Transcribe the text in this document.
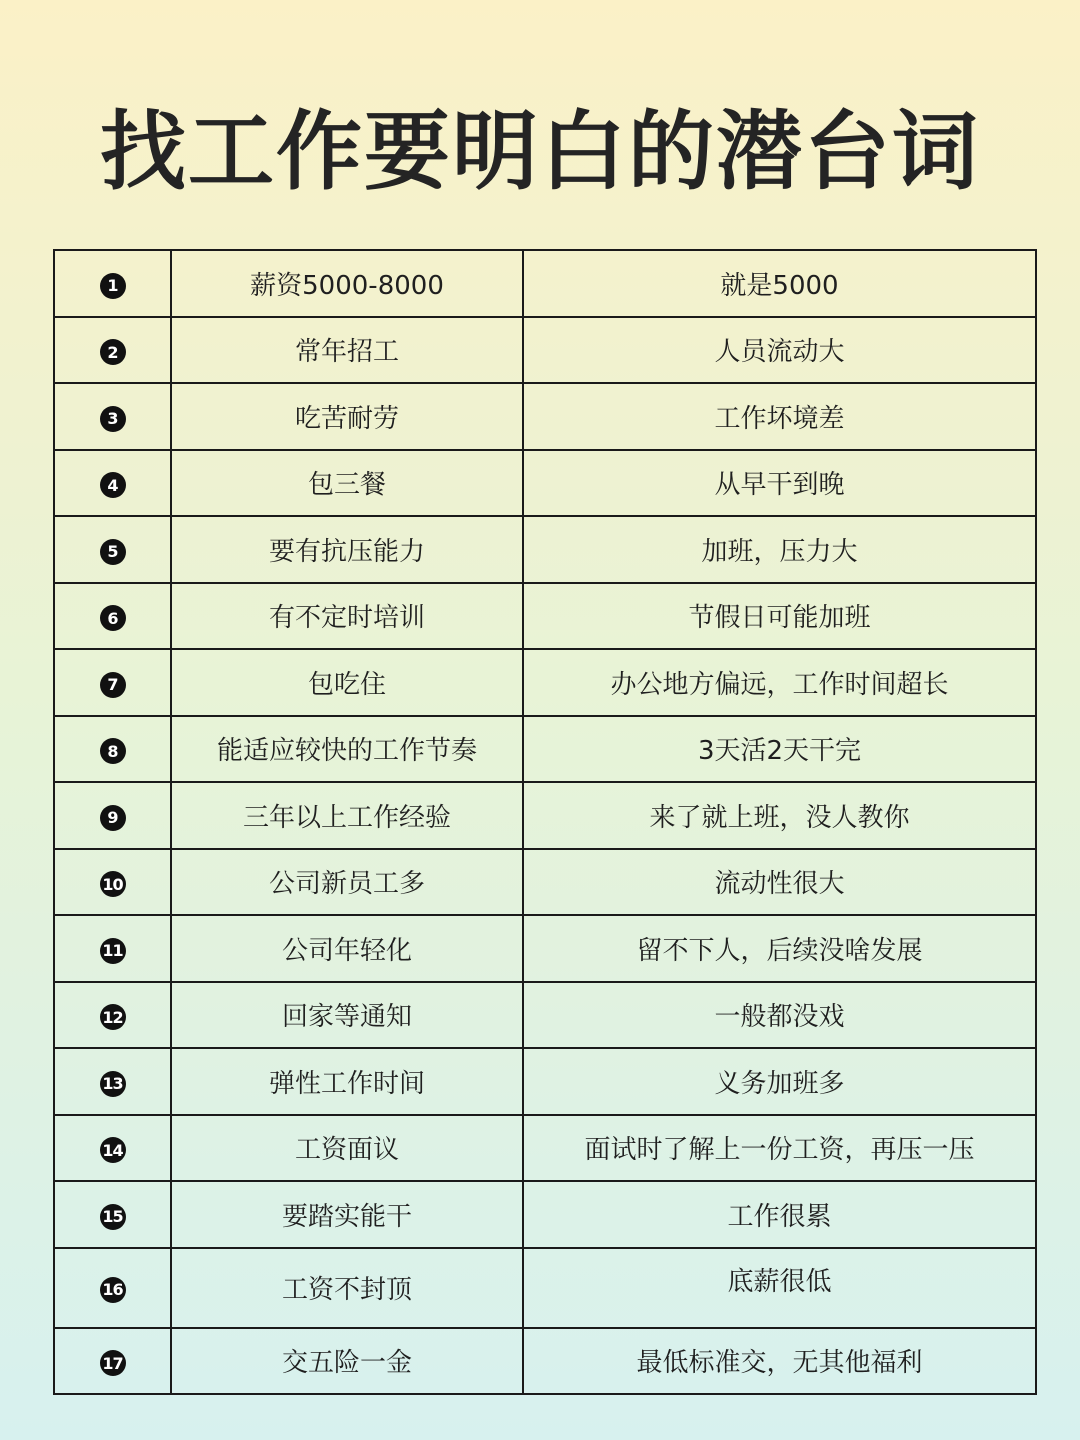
找工作要明白的潜台词
1	薪资5000-8000	就是5000
2	常年招工	人员流动大
3	吃苦耐劳	工作坏境差
4	包三餐	从早干到晚
5	要有抗压能力	加班，压力大
6	有不定时培训	节假日可能加班
7	包吃住	办公地方偏远，工作时间超长
8	能适应较快的工作节奏	3天活2天干完
9	三年以上工作经验	来了就上班，没人教你
10	公司新员工多	流动性很大
11	公司年轻化	留不下人，后续没啥发展
12	回家等通知	一般都没戏
13	弹性工作时间	义务加班多
14	工资面议	面试时了解上一份工资，再压一压
15	要踏实能干	工作很累
16	工资不封顶	底薪很低
17	交五险一金	最低标准交，无其他福利
